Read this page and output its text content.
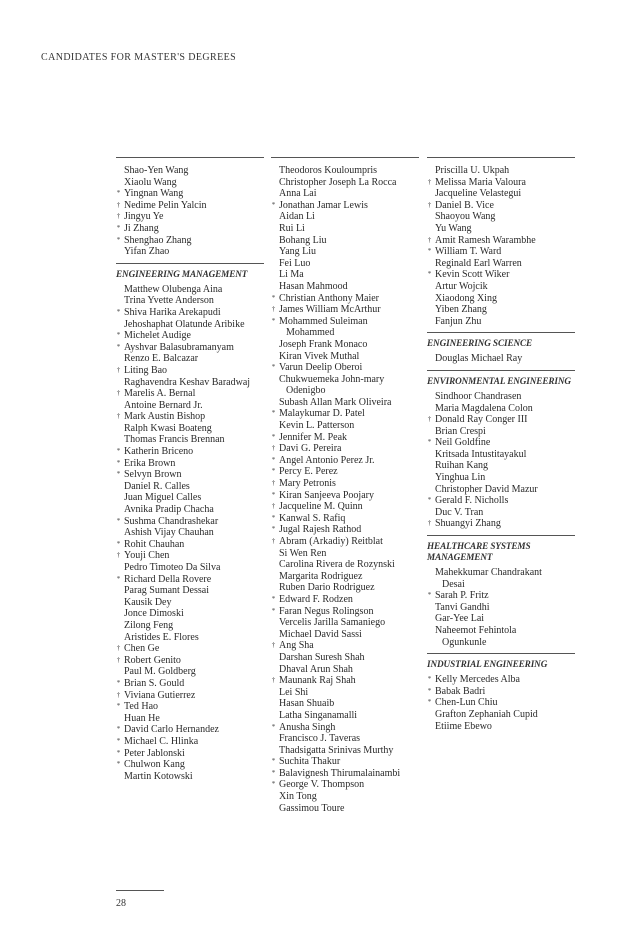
CANDIDATES FOR MASTER'S DEGREES
Shao-Yen Wang
Xiaolu Wang
* Yingnan Wang
† Nedime Pelin Yalcin
† Jingyu Ye
* Ji Zhang
* Shenghao Zhang
Yifan Zhao
ENGINEERING MANAGEMENT
Matthew Olubenga Aina
Trina Yvette Anderson
* Shiva Harika Arekapudi
Jehoshaphat Olatunde Aribike
* Michelet Audige
* Ayshvar Balasubramanyam
Renzo E. Balcazar
† Liting Bao
Raghavendra Keshav Baradwaj
† Marelis A. Bernal
Antoine Bernard Jr.
† Mark Austin Bishop
Ralph Kwasi Boateng
Thomas Francis Brennan
* Katherin Briceno
* Erika Brown
* Selvyn Brown
Daniel R. Calles
Juan Miguel Calles
Avnika Pradip Chacha
* Sushma Chandrashekar
Ashish Vijay Chauhan
* Rohit Chauhan
† Youji Chen
Pedro Timoteo Da Silva
* Richard Della Rovere
Parag Sumant Dessai
Kausik Dey
Jonce Dimoski
Zilong Feng
Aristides E. Flores
† Chen Ge
† Robert Genito
Paul M. Goldberg
* Brian S. Gould
† Viviana Gutierrez
* Ted Hao
Huan He
* David Carlo Hernandez
* Michael C. Hlinka
* Peter Jablonski
* Chulwon Kang
Martin Kotowski
Theodoros Kouloumpris
Christopher Joseph La Rocca
Anna Lai
* Jonathan Jamar Lewis
Aidan Li
Rui Li
Bohang Liu
Yang Liu
Fei Luo
Li Ma
Hasan Mahmood
* Christian Anthony Maier
† James William McArthur
* Mohammed Suleiman
Mohammed
Joseph Frank Monaco
Kiran Vivek Muthal
* Varun Deelip Oberoi
Chukwuemeka John-mary
Odenigbo
Subash Allan Mark Oliveira
* Malaykumar D. Patel
Kevin L. Patterson
* Jennifer M. Peak
† Davi G. Pereira
* Angel Antonio Perez Jr.
* Percy E. Perez
† Mary Petronis
* Kiran Sanjeeva Poojary
† Jacqueline M. Quinn
* Kanwal S. Rafiq
* Jugal Rajesh Rathod
† Abram (Arkadiy) Reitblat
Si Wen Ren
Carolina Rivera de Rozynski
Margarita Rodriguez
Ruben Dario Rodriguez
* Edward F. Rodzen
* Faran Negus Rolingson
Vercelis Jarilla Samaniego
Michael David Sassi
† Ang Sha
Darshan Suresh Shah
Dhaval Arun Shah
† Maunank Raj Shah
Lei Shi
Hasan Shuaib
Latha Singanamalli
* Anusha Singh
Francisco J. Taveras
Thadsigatta Srinivas Murthy
* Suchita Thakur
* Balavignesh Thirumalainambi
* George V. Thompson
Xin Tong
Gassimou Toure
Priscilla U. Ukpah
† Melissa Maria Valoura
Jacqueline Velastegui
† Daniel B. Vice
Shaoyou Wang
Yu Wang
† Amit Ramesh Warambhe
* William T. Ward
Reginald Earl Warren
* Kevin Scott Wiker
Artur Wojcik
Xiaodong Xing
Yiben Zhang
Fanjun Zhu
ENGINEERING SCIENCE
Douglas Michael Ray
ENVIRONMENTAL ENGINEERING
Sindhoor Chandrasen
Maria Magdalena Colon
† Donald Ray Conger III
Brian Crespi
* Neil Goldfine
Kritsada Intustitayakul
Ruihan Kang
Yinghua Lin
Christopher David Mazur
* Gerald F. Nicholls
Duc V. Tran
† Shuangyi Zhang
HEALTHCARE SYSTEMS MANAGEMENT
Mahekkumar Chandrakant
Desai
* Sarah P. Fritz
Tanvi Gandhi
Gar-Yee Lai
Naheemot Fehintola
Ogunkunle
INDUSTRIAL ENGINEERING
* Kelly Mercedes Alba
* Babak Badri
* Chen-Lun Chiu
Grafton Zephaniah Cupid
Etiime Ebewo
28
